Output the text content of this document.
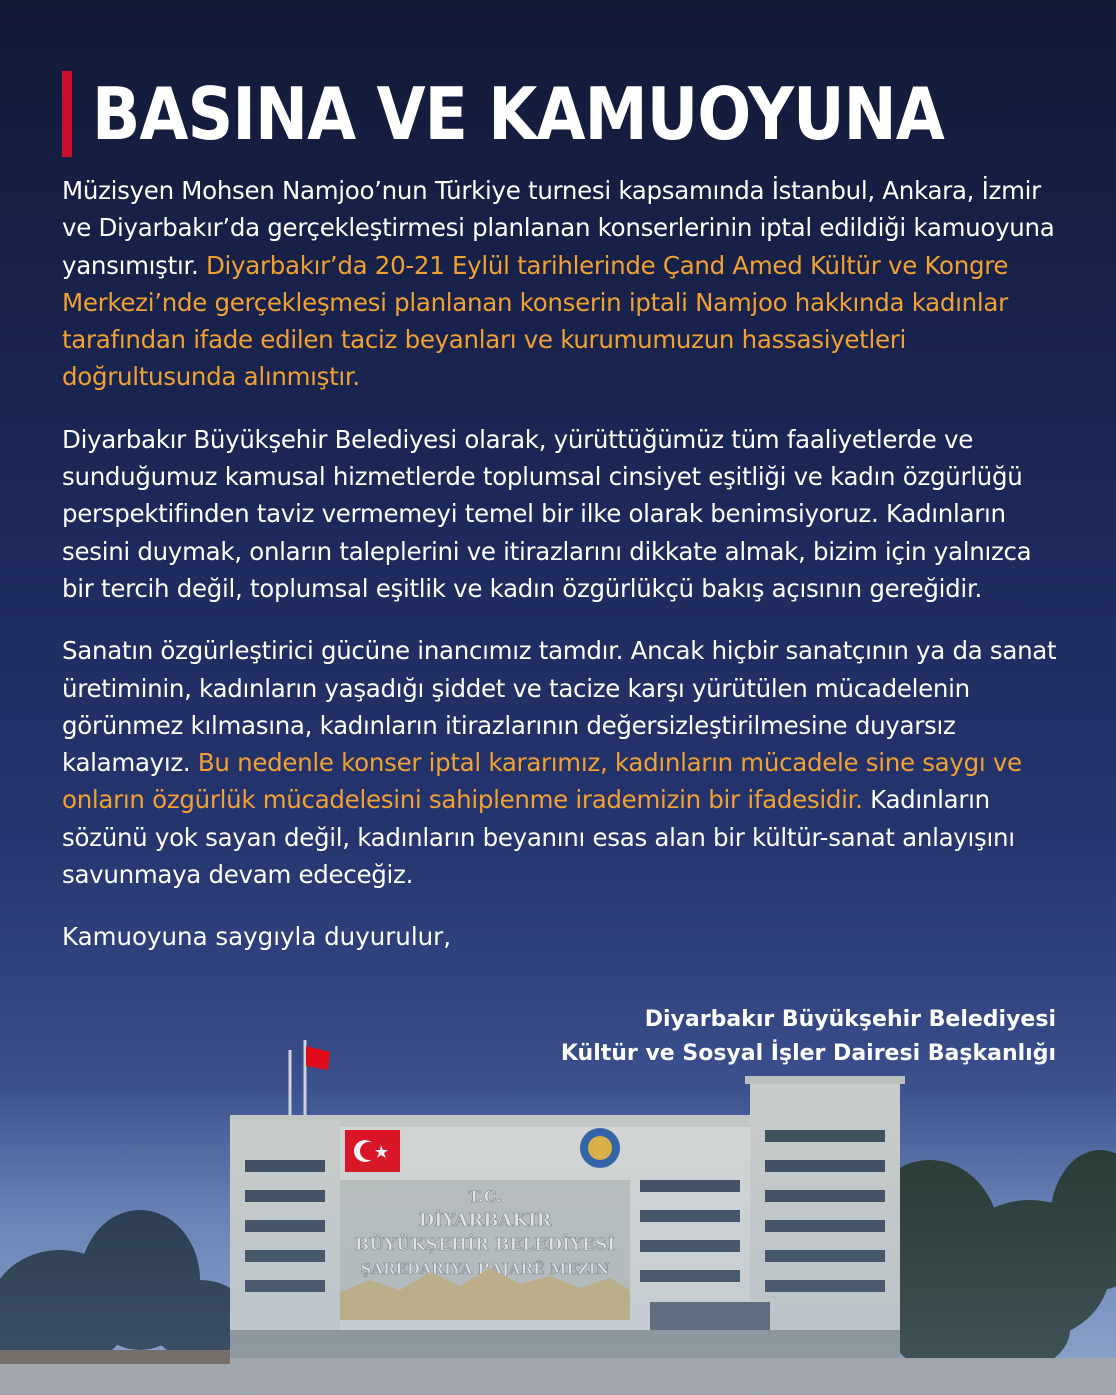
BASINA VE KAMUOYUNA

Müzisyen Mohsen Namjoo’nun Türkiye turnesi kapsamında İstanbul, Ankara, İzmir ve Diyarbakır’da gerçekleştirmesi planlanan konserlerinin iptal edildiği kamuoyuna yansımıştır. Diyarbakır’da 20-21 Eylül tarihlerinde Çand Amed Kültür ve Kongre Merkezi’nde gerçekleşmesi planlanan konserin iptali Namjoo hakkında kadınlar tarafından ifade edilen taciz beyanları ve kurumumuzun hassasiyetleri doğrultusunda alınmıştır.

Diyarbakır Büyükşehir Belediyesi olarak, yürüttüğümüz tüm faaliyetlerde ve sunduğumuz kamusal hizmetlerde toplumsal cinsiyet eşitliği ve kadın özgürlüğü perspektifinden taviz vermemeyi temel bir ilke olarak benimsiyoruz. Kadınların sesini duymak, onların taleplerini ve itirazlarını dikkate almak, bizim için yalnızca bir tercih değil, toplumsal eşitlik ve kadın özgürlükçü bakış açısının gereğidir.

Sanatın özgürleştirici gücüne inancımız tamdır. Ancak hiçbir sanatçının ya da sanat üretiminin, kadınların yaşadığı şiddet ve tacize karşı yürütülen mücadelenin görünmez kılmasına, kadınların itirazlarının değersizleştirilmesine duyarsız kalamayız. Bu nedenle konser iptal kararımız, kadınların mücadele sine saygı ve onların özgürlük mücadelesini sahiplenme irademizin bir ifadesidir. Kadınların sözünü yok sayan değil, kadınların beyanını esas alan bir kültür-sanat anlayışını savunmaya devam edeceğiz.

Kamuoyuna saygıyla duyurulur,

Diyarbakır Büyükşehir Belediyesi
